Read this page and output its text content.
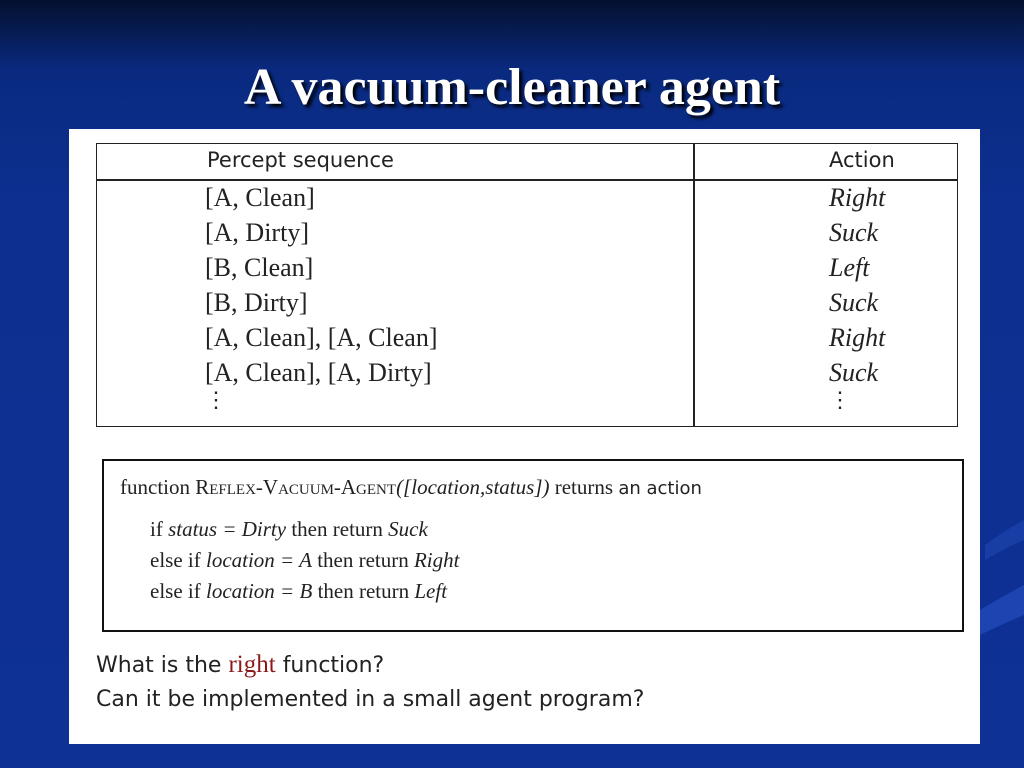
A vacuum-cleaner agent
Percept sequence	Action
[A, Clean]
[A, Dirty]
[B, Clean]
[B, Dirty]
[A, Clean], [A, Clean]
[A, Clean], [A, Dirty]
⋮
Right
Suck
Left
Suck
Right
Suck
⋮
function Reflex-Vacuum-Agent([location,status]) returns an action
if status = Dirty then return Suck
else if location = A then return Right
else if location = B then return Left
What is the right function?
Can it be implemented in a small agent program?
